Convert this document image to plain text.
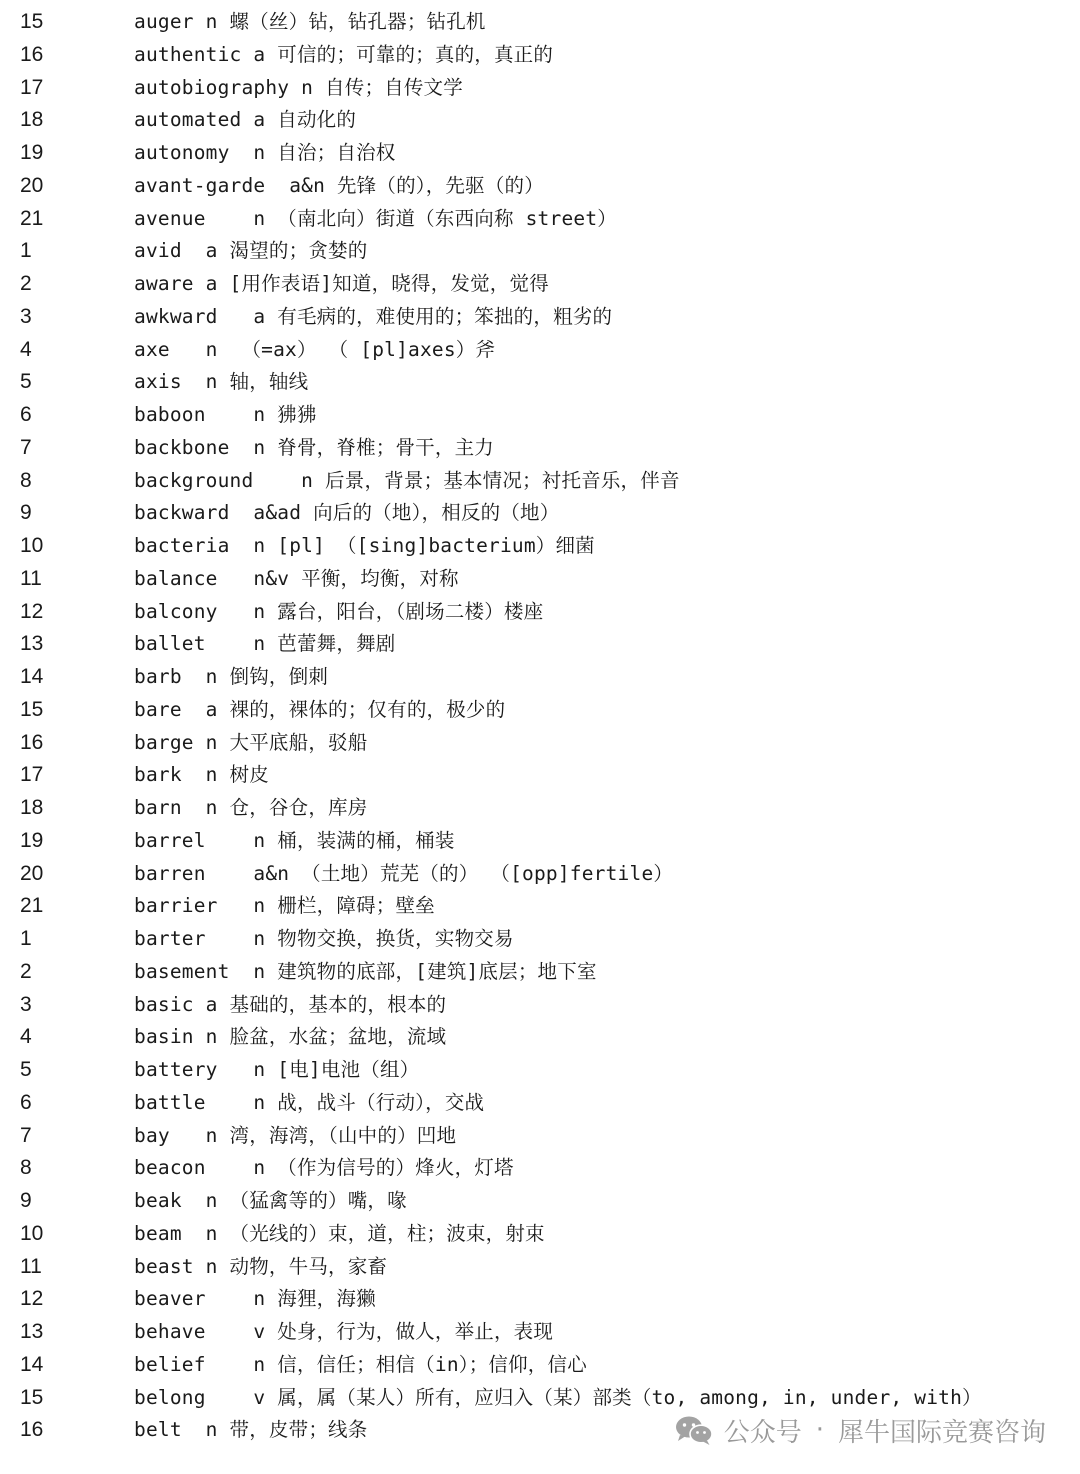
15	auger n 螺（丝）钻，钻孔器；钻孔机
16	authentic a 可信的；可靠的；真的，真正的
17	autobiography n 自传；自传文学
18	automated a 自动化的
19	autonomy  n 自治；自治权
20	avant-garde  a&n 先锋（的），先驱（的）
21	avenue    n （南北向）街道（东西向称 street）
1	avid  a 渴望的；贪婪的
2	aware a [用作表语]知道，晓得，发觉，觉得
3	awkward   a 有毛病的，难使用的；笨拙的，粗劣的
4	axe   n  （=ax） （ [pl]axes）斧
5	axis  n 轴，轴线
6	baboon    n 狒狒
7	backbone  n 脊骨，脊椎；骨干，主力
8	background    n 后景，背景；基本情况；衬托音乐，伴音
9	backward  a&ad 向后的（地），相反的（地）
10	bacteria  n [pl] （[sing]bacterium）细菌
11	balance   n&v 平衡，均衡，对称
12	balcony   n 露台，阳台，（剧场二楼）楼座
13	ballet    n 芭蕾舞，舞剧
14	barb  n 倒钩，倒刺
15	bare  a 裸的，裸体的；仅有的，极少的
16	barge n 大平底船，驳船
17	bark  n 树皮
18	barn  n 仓，谷仓，库房
19	barrel    n 桶，装满的桶，桶装
20	barren    a&n （土地）荒芜（的） （[opp]fertile）
21	barrier   n 栅栏，障碍；壁垒
1	barter    n 物物交换，换货，实物交易
2	basement  n 建筑物的底部，[建筑]底层；地下室
3	basic a 基础的，基本的，根本的
4	basin n 脸盆，水盆；盆地，流域
5	battery   n [电]电池（组）
6	battle    n 战，战斗（行动），交战
7	bay   n 湾，海湾，（山中的）凹地
8	beacon    n （作为信号的）烽火，灯塔
9	beak  n （猛禽等的）嘴，喙
10	beam  n （光线的）束，道，柱；波束，射束
11	beast n 动物，牛马，家畜
12	beaver    n 海狸，海獭
13	behave    v 处身，行为，做人，举止，表现
14	belief    n 信，信任；相信（in）；信仰，信心
15	belong    v 属，属（某人）所有，应归入（某）部类（to, among, in, under, with）
16	belt  n 带，皮带；线条	公众号 · 犀牛国际竞赛咨询
